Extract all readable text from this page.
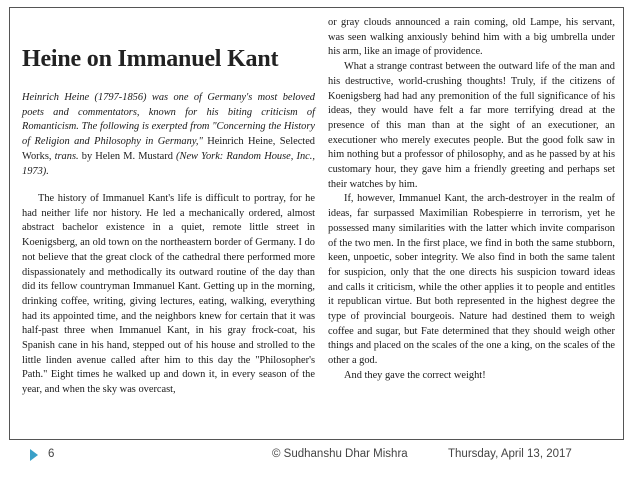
Heine on Immanuel Kant

Heinrich Heine (1797-1856) was one of Germany's most beloved poets and commentators, known for his biting criticism of Romanticism. The following is exerpted from "Concerning the History of Religion and Philosophy in Germany," Heinrich Heine, Selected Works, trans. by Helen M. Mustard (New York: Random House, Inc., 1973).

The history of Immanuel Kant's life is difficult to portray, for he had neither life nor history. He led a mechanically ordered, almost abstract bachelor existence in a quiet, remote little street in Koenigsberg, an old town on the northeastern border of Germany. I do not believe that the great clock of the cathedral there performed more dispassionately and methodically its outward routine of the day than did its fellow countryman Immanuel Kant. Getting up in the morning, drinking coffee, writing, giving lectures, eating, walking, everything had its appointed time, and the neighbors knew for certain that it was half-past three when Immanuel Kant, in his gray frock-coat, his Spanish cane in his hand, stepped out of his house and strolled to the little linden avenue called after him to this day the "Philosopher's Path." Eight times he walked up and down it, in every season of the year, and when the sky was overcast,

or gray clouds announced a rain coming, old Lampe, his servant, was seen walking anxiously behind him with a big umbrella under his arm, like an image of providence.

What a strange contrast between the outward life of the man and his destructive, world-crushing thoughts! Truly, if the citizens of Koenigsberg had had any premonition of the full significance of his ideas, they would have felt a far more terrifying dread at the presence of this man than at the sight of an executioner, an executioner who merely executes people. But the good folk saw in him nothing but a professor of philosophy, and as he passed by at his customary hour, they gave him a friendly greeting and perhaps set their watches by him.

If, however, Immanuel Kant, the arch-destroyer in the realm of ideas, far surpassed Maximilian Robespierre in terrorism, yet he possessed many similarities with the latter which invite comparison of the two men. In the first place, we find in both the same stubborn, keen, unpoetic, sober integrity. We also find in both the same talent for suspicion, only that the one directs his suspicion toward ideas and calls it criticism, while the other applies it to people and entitles it republican virtue. But both represented in the highest degree the type of provincial bourgeois. Nature had destined them to weigh coffee and sugar, but Fate determined that they should weigh other things and placed on the scales of the one a king, on the scales of the other a god.

And they gave the correct weight!

6	© Sudhanshu Dhar Mishra	Thursday, April 13, 2017
